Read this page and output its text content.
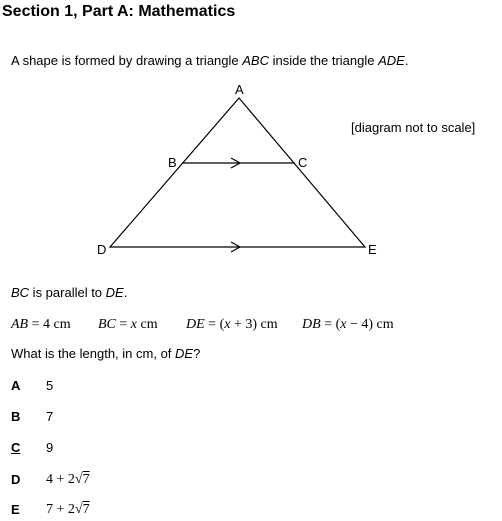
Section 1, Part A: Mathematics
A shape is formed by drawing a triangle ABC inside the triangle ADE.
A
B	C
D	E
[diagram not to scale]
BC is parallel to DE.
AB = 4 cm BC = x cm DE = (x + 3) cm DB = (x − 4) cm
What is the length, in cm, of DE?
A 5
B 7
C 9
D 4 + 2√7
E 7 + 2√7
